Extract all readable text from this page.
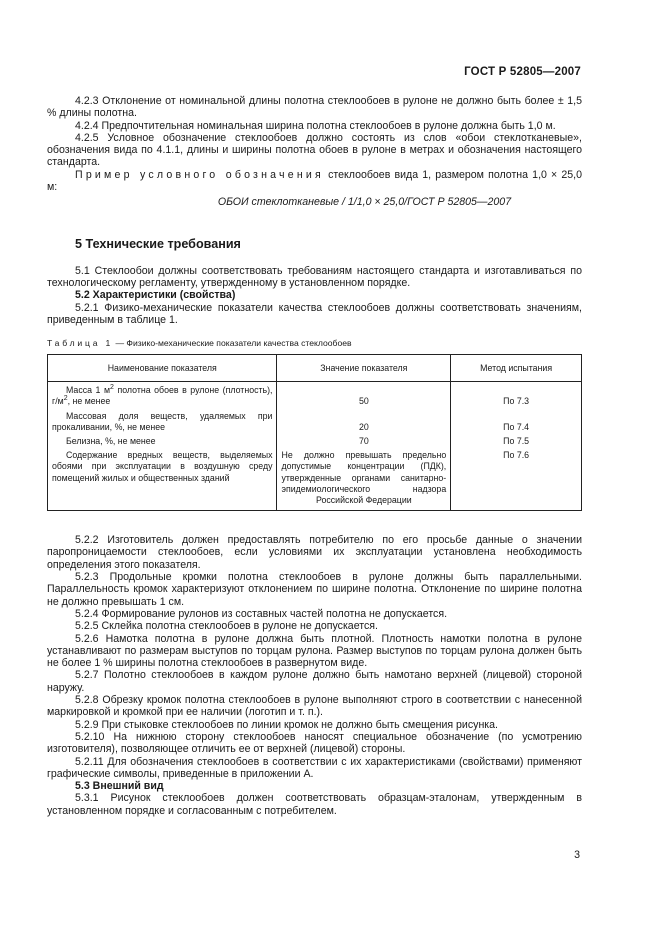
ГОСТ Р 52805—2007

4.2.3 Отклонение от номинальной длины полотна стеклообоев в рулоне не должно быть более ± 1,5 % длины полотна.

4.2.4 Предпочтительная номинальная ширина полотна стеклообоев в рулоне должна быть 1,0 м.

4.2.5 Условное обозначение стеклообоев должно состоять из слов «обои стеклотканевые», обозначения вида по 4.1.1, длины и ширины полотна обоев в рулоне в метрах и обозначения настоящего стандарта.

Пример условного обозначения стеклообоев вида 1, размером полотна 1,0 × 25,0 м:

ОБОИ стеклотканевые / 1/1,0 × 25,0/ГОСТ Р 52805—2007
5 Технические требования

5.1 Стеклообои должны соответствовать требованиям настоящего стандарта и изготавливаться по технологическому регламенту, утвержденному в установленном порядке.

5.2 Характеристики (свойства)

5.2.1 Физико-механические показатели качества стеклообоев должны соответствовать значениям, приведенным в таблице 1.

Таблица 1 — Физико-механические показатели качества стеклообоев
Наименование показателя	Значение показателя	Метод испытания

Масса 1 $м^2$ полотна обоев в рулоне (плотность), $г/м^2$, не менее	50	По 7.3

Массовая доля веществ, удаляемых при прокаливании, %, не менее	20	По 7.4

Белизна, %, не менее	70	По 7.5

Содержание вредных веществ, выделяемых обоями при эксплуатации в воздушную среду помещений жилых и общественных зданий	Не должно превышать предельно допустимые концентрации (ПДК), утвержденные органами санитарно-эпидемиологического надзора Российской Федерации	По 7.6

5.2.2 Изготовитель должен предоставлять потребителю по его просьбе данные о значении паропроницаемости стеклообоев, если условиями их эксплуатации установлена необходимость определения этого показателя.

5.2.3 Продольные кромки полотна стеклообоев в рулоне должны быть параллельными. Параллельность кромок характеризуют отклонением по ширине полотна. Отклонение по ширине полотна не должно превышать 1 см.

5.2.4 Формирование рулонов из составных частей полотна не допускается.

5.2.5 Склейка полотна стеклообоев в рулоне не допускается.

5.2.6 Намотка полотна в рулоне должна быть плотной. Плотность намотки полотна в рулоне устанавливают по размерам выступов по торцам рулона. Размер выступов по торцам рулона должен быть не более 1 % ширины полотна стеклообоев в развернутом виде.

5.2.7 Полотно стеклообоев в каждом рулоне должно быть намотано верхней (лицевой) стороной наружу.

5.2.8 Обрезку кромок полотна стеклообоев в рулоне выполняют строго в соответствии с нанесенной маркировкой и кромкой при ее наличии (логотип и т. п.).

5.2.9 При стыковке стеклообоев по линии кромок не должно быть смещения рисунка.

5.2.10 На нижнюю сторону стеклообоев наносят специальное обозначение (по усмотрению изготовителя), позволяющее отличить ее от верхней (лицевой) стороны.

5.2.11 Для обозначения стеклообоев в соответствии с их характеристиками (свойствами) применяют графические символы, приведенные в приложении А.

5.3 Внешний вид

5.3.1 Рисунок стеклообоев должен соответствовать образцам-эталонам, утвержденным в установленном порядке и согласованным с потребителем.

3
